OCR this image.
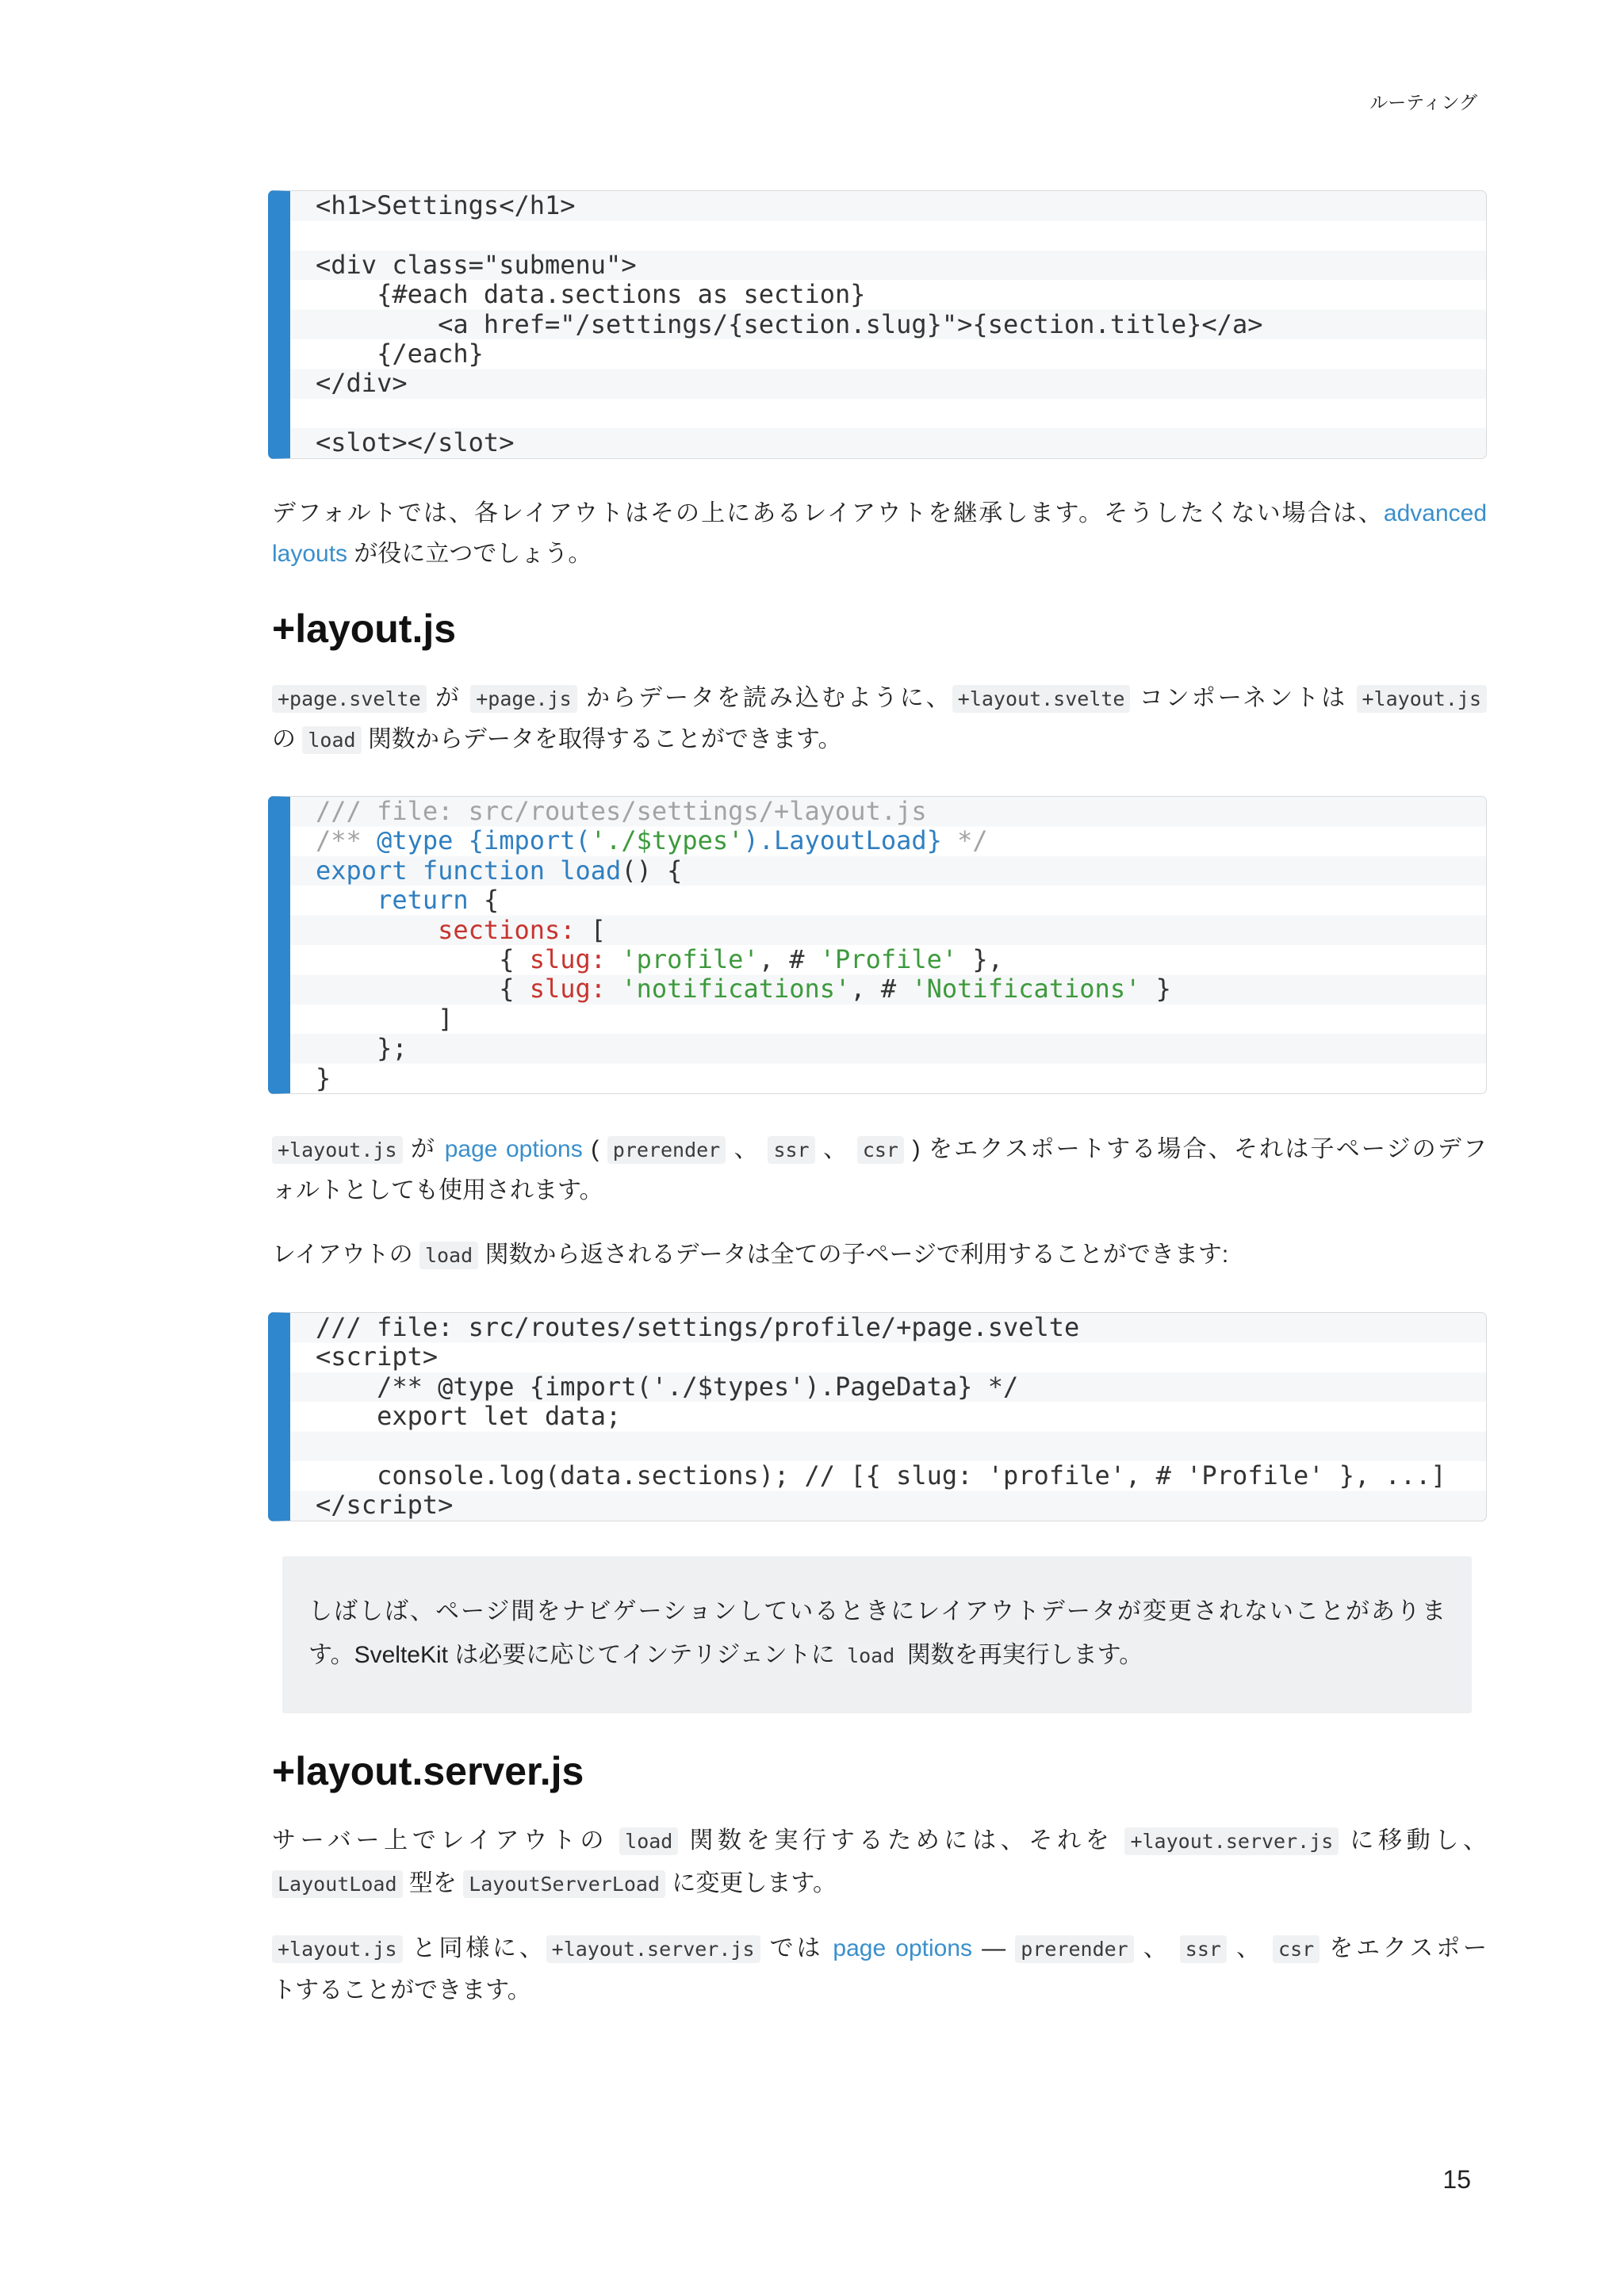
ルーティング
<h1>Settings</h1>
<div class="submenu">
{#each data.sections as section}
<a href="/settings/{section.slug}">{section.title}</a>
{/each}
</div>
<slot></slot>
デフォルトでは、各レイアウトはその上にあるレイアウトを継承します。そうしたくない場合は、advanced
layouts が役に立つでしょう。
+layout.js
+page.svelte が +page.js からデータを読み込むように、 +layout.svelte コンポーネントは +layout.js
の load 関数からデータを取得することができます。
/// file: src/routes/settings/+layout.js
/** @type {import('./$types').LayoutLoad} */
export function load() {
return {
sections: [
{ slug: 'profile', # 'Profile' },
{ slug: 'notifications', # 'Notifications' }
]
};
}
+layout.js が page options ( prerender 、 ssr 、 csr ) をエクスポートする場合、それは子ページのデフ
ォルトとしても使用されます。
レイアウトの load 関数から返されるデータは全ての子ページで利用することができます:
/// file: src/routes/settings/profile/+page.svelte
<script>
/** @type {import('./$types').PageData} */
export let data;
console.log(data.sections); // [{ slug: 'profile', # 'Profile' }, ...]
</script>
しばしば、ページ間をナビゲーションしているときにレイアウトデータが変更されないことがありま
す。SvelteKit は必要に応じてインテリジェントに load 関数を再実行します。
+layout.server.js
サーバー上でレイアウトの load 関数を実行するためには、それを +layout.server.js に移動し、
LayoutLoad 型を LayoutServerLoad に変更します。
+layout.js と同様に、 +layout.server.js では page options — prerender 、 ssr 、 csr をエクスポー
トすることができます。
15
